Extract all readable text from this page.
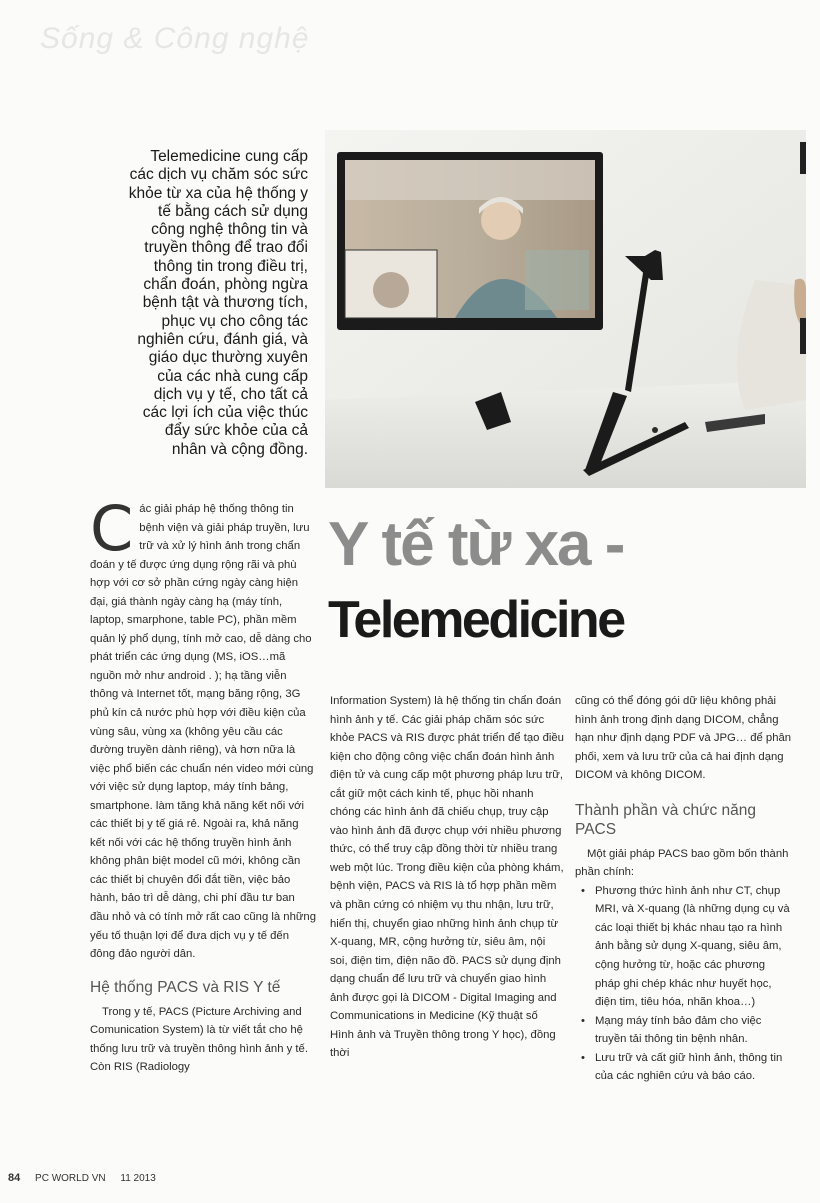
Sống & Công nghệ

Telemedicine cung cấp các dịch vụ chăm sóc sức khỏe từ xa của hệ thống y tế bằng cách sử dụng công nghệ thông tin và truyền thông để trao đổi thông tin trong điều trị, chẩn đoán, phòng ngừa bệnh tật và thương tích, phục vụ cho công tác nghiên cứu, đánh giá, và giáo dục thường xuyên của các nhà cung cấp dịch vụ y tế, cho tất cả các lợi ích của việc thúc đẩy sức khỏe của cả nhân và cộng đồng.

Y tế từ xa -
Telemedicine

Các giải pháp hệ thống thông tin bệnh viện và giải pháp truyền, lưu trữ và xử lý hình ảnh trong chẩn đoán y tế được ứng dụng rộng rãi và phù hợp với cơ sở phần cứng ngày càng hiện đại, giá thành ngày càng hạ (máy tính, laptop, smarphone, table PC), phần mềm quản lý phổ dụng, tính mở cao, dễ dàng cho phát triển các ứng dụng (MS, iOS…mã nguồn mở như android . ); hạ tầng viễn thông và Internet tốt, mạng băng rộng, 3G phủ kín cả nước phù hợp với điều kiện của vùng sâu, vùng xa (không yêu cầu các đường truyền dành riêng), và hơn nữa là việc phổ biến các chuẩn nén video mới cùng với việc sử dụng laptop, máy tính bảng, smartphone. làm tăng khả năng kết nối với các thiết bị y tế giá rẻ. Ngoài ra, khả năng kết nối với các hệ thống truyền hình ảnh không phân biệt model cũ mới, không cần các thiết bị chuyên đổi đắt tiền, việc bảo hành, bảo trì dễ dàng, chi phí đầu tư ban đầu nhỏ và có tính mở rất cao cũng là những yếu tố thuận lợi để đưa dịch vụ y tế đến đông đảo người dân.

Hệ thống PACS và RIS Y tế

Trong y tế, PACS (Picture Archiving and Comunication System) là từ viết tắt cho hệ thống lưu trữ và truyền thông hình ảnh y tế. Còn RIS (Radiology

Information System) là hệ thống tin chẩn đoán hình ảnh y tế. Các giải pháp chăm sóc sức khỏe PACS và RIS được phát triển để tạo điều kiện cho động công việc chẩn đoán hình ảnh điện tử và cung cấp một phương pháp lưu trữ, cắt giữ một cách kinh tế, phục hồi nhanh chóng các hình ảnh đã chiếu chụp, truy cập vào hình ảnh đã được chụp với nhiều phương thức, có thể truy cập đồng thời từ nhiều trang web một lúc. Trong điều kiện của phòng khám, bệnh viện, PACS và RIS là tổ hợp phần mềm và phần cứng có nhiệm vụ thu nhận, lưu trữ, hiển thị, chuyển giao những hình ảnh chụp từ X-quang, MR, cộng hưởng từ, siêu âm, nội soi, điện tim, điện não đồ. PACS sử dụng định dạng chuẩn để lưu trữ và chuyển giao hình ảnh được gọi là DICOM - Digital Imaging and Communications in Medicine (Kỹ thuật số Hình ảnh và Truyền thông trong Y học), đồng thời

cũng có thể đóng gói dữ liệu không phải hình ảnh trong định dạng DICOM, chẳng hạn như định dạng PDF và JPG… để phân phối, xem và lưu trữ của cả hai định dạng DICOM và không DICOM.

Thành phần và chức năng PACS

Một giải pháp PACS bao gồm bốn thành phần chính:

• Phương thức hình ảnh như CT, chụp MRI, và X-quang (là những dụng cụ và các loại thiết bị khác nhau tạo ra hình ảnh bằng sử dụng X-quang, siêu âm, cộng hưởng từ, hoặc các phương pháp ghi chép khác như huyết học, điện tim, tiêu hóa, nhãn khoa…)
• Mạng máy tính bảo đảm cho việc truyền tải thông tin bệnh nhân.
• Lưu trữ và cất giữ hình ảnh, thông tin của các nghiên cứu và báo cáo.
84 PC WORLD VN 11 2013
